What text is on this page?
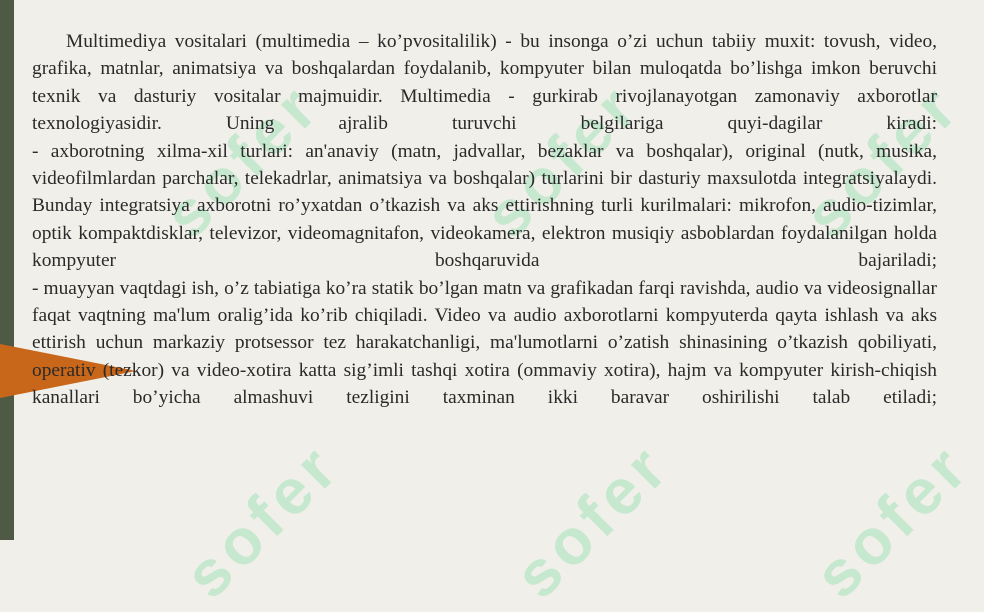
sofer sofer sofer
sofer sofer sofer

Multimediya vositalari (multimedia – ko’pvositalilik) - bu insonga o’zi uchun tabiiy muxit: tovush, video, grafika, matnlar, animatsiya va boshqalardan foydalanib, kompyuter bilan muloqatda bo’lishga imkon beruvchi texnik va dasturiy vositalar majmuidir. Multimedia - gurkirab rivojlanayotgan zamonaviy axborotlar texnologiyasidir. Uning ajralib turuvchi belgilariga quyi-dagilar kiradi:

- axborotning xilma-xil turlari: an'anaviy (matn, jadvallar, bezaklar va boshqalar), original (nutk, musika, videofilmlardan parchalar, telekadrlar, animatsiya va boshqalar) turlarini bir dasturiy maxsulotda integratsiyalaydi. Bunday integratsiya axborotni ro’yxatdan o’tkazish va aks ettirishning turli kurilmalari: mikrofon, audio-tizimlar, optik kompaktdisklar, televizor, videomagnitafon, videokamera, elektron musiqiy asboblardan foydalanilgan holda kompyuter boshqaruvida bajariladi;

- muayyan vaqtdagi ish, o’z tabiatiga ko’ra statik bo’lgan matn va grafikadan farqi ravishda, audio va videosignallar faqat vaqtning ma'lum oralig’ida ko’rib chiqiladi. Video va audio axborotlarni kompyuterda qayta ishlash va aks ettirish uchun markaziy protsessor tez harakatchanligi, ma'lumotlarni o’zatish shinasining o’tkazish qobiliyati, operativ (tezkor) va video-xotira katta sig’imli tashqi xotira (ommaviy xotira), hajm va kompyuter kirish-chiqish kanallari bo’yicha almashuvi tezligini taxminan ikki baravar oshirilishi talab etiladi;
